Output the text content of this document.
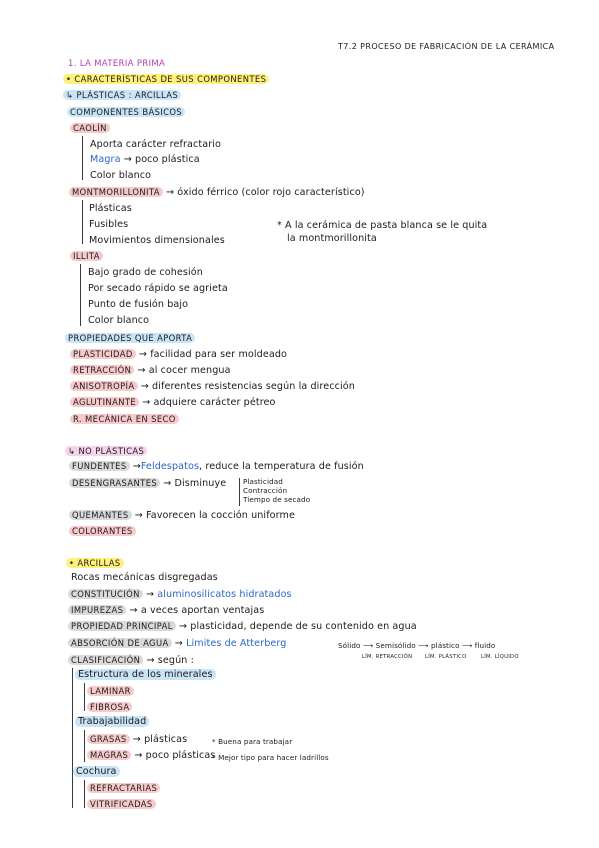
T7.2 PROCESO DE FABRICACIÓN DE LA CERÁMICA
1. LA MATERIA PRIMA
• CARACTERÍSTICAS DE SUS COMPONENTES
↳ PLÁSTICAS : ARCILLAS
COMPONENTES BÁSICOS
CAOLÍN
Aporta carácter refractario
Magra → poco plástica
Color blanco
MONTMORILLONITA → óxido férrico (color rojo característico)
Plásticas
Fusibles
Movimientos dimensionales
* A la cerámica de pasta blanca se le quita
la montmorillonita
ILLITA
Bajo grado de cohesión
Por secado rápido se agrieta
Punto de fusión bajo
Color blanco
PROPIEDADES QUE APORTA
PLASTICIDAD → facilidad para ser moldeado
RETRACCIÓN → al cocer mengua
ANISOTROPÍA → diferentes resistencias según la dirección
AGLUTINANTE → adquiere carácter pétreo
R. MECÁNICA EN SECO
↳ NO PLÁSTICAS
FUNDENTES →Feldespatos, reduce la temperatura de fusión
DESENGRASANTES → Disminuye Plasticidad
Contracción
Tiempo de secado
QUEMANTES → Favorecen la cocción uniforme
COLORANTES
• ARCILLAS
Rocas mecánicas disgregadas
CONSTITUCIÓN → aluminosilicatos hidratados
IMPUREZAS → a veces aportan ventajas
PROPIEDAD PRINCIPAL → plasticidad, depende de su contenido en agua
ABSORCIÓN DE AGUA → Limites de Atterberg	Sólido ⟶ Semisólido ⟶ plástico ⟶ fluido
LÍM. RETRACCIÓN LÍM. PLÁSTICO	LÍM. LÍQUIDO
CLASIFICACIÓN → según :
Estructura de los minerales
LAMINAR
FIBROSA
Trabajabilidad
GRASAS → plásticas	* Buena para trabajar
MAGRAS → poco plásticas
* Mejor tipo para hacer ladrillos
Cochura
REFRACTARIAS
VITRIFICADAS
